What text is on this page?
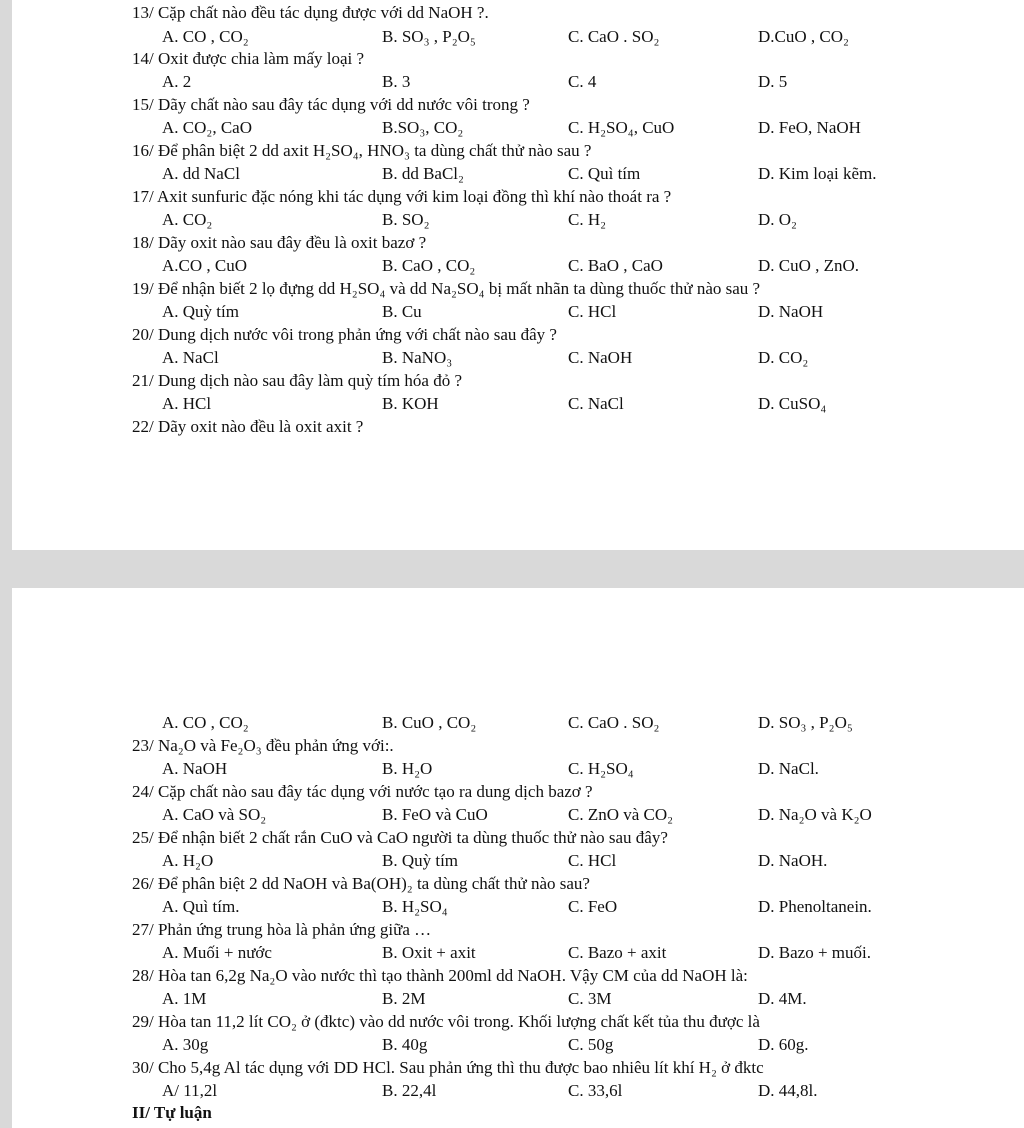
13/ Cặp chất nào đều tác dụng được với dd NaOH ?.
A. CO , CO₂	B. SO₃ , P₂O₅	C. CaO . SO₂	D.CuO , CO₂
14/ Oxit được chia làm mấy loại ?
A. 2	B. 3	C. 4	D. 5
15/ Dãy chất nào sau đây tác dụng với dd nước vôi trong ?
A. CO₂, CaO	B.SO₃, CO₂	C. H₂SO₄, CuO	D. FeO, NaOH
16/ Để phân biệt 2 dd axit H₂SO₄, HNO₃ ta dùng chất thử nào sau ?
A. dd NaCl	B. dd BaCl₂	C. Quì tím	D. Kim loại kẽm.
17/ Axit sunfuric đặc nóng khi tác dụng với kim loại đồng thì khí nào thoát ra ?
A. CO₂	B. SO₂	C. H₂	D. O₂
18/ Dãy oxit nào sau đây đều là oxit bazơ ?
A.CO , CuO	B. CaO , CO₂	C. BaO , CaO	D. CuO , ZnO.
19/ Để nhận biết 2 lọ đựng dd H₂SO₄ và dd Na₂SO₄ bị mất nhãn ta dùng thuốc thử nào sau ?
A. Quỳ tím	B. Cu	C. HCl	D. NaOH
20/ Dung dịch nước vôi trong phản ứng với chất nào sau đây ?
A. NaCl	B. NaNO₃	C. NaOH	D. CO₂
21/ Dung dịch nào sau đây làm quỳ tím hóa đỏ ?
A. HCl	B. KOH	C. NaCl	D. CuSO₄
22/ Dãy oxit nào đều là oxit axit ?
A. CO , CO₂	B. CuO , CO₂	C. CaO . SO₂	D. SO₃ , P₂O₅
23/ Na₂O và Fe₂O₃ đều phản ứng với:.
A. NaOH	B. H₂O	C. H₂SO₄	D. NaCl.
24/ Cặp chất nào sau đây tác dụng với nước tạo ra dung dịch bazơ ?
A. CaO và SO₂	B. FeO và CuO	C. ZnO và CO₂	D. Na₂O và K₂O
25/ Để nhận biết 2 chất rắn CuO và CaO người ta dùng thuốc thử nào sau đây?
A. H₂O	B. Quỳ tím	C. HCl	D. NaOH.
26/ Để phân biệt 2 dd NaOH và Ba(OH)₂ ta dùng chất thử nào sau?
A. Quì tím.	B. H₂SO₄	C. FeO	D. Phenoltanein.
27/ Phản ứng trung hòa là phản ứng giữa …
A. Muối + nước	B. Oxit + axit	C. Bazo + axit	D. Bazo + muối.
28/ Hòa tan 6,2g Na₂O vào nước thì tạo thành 200ml dd NaOH. Vậy CM của dd NaOH là:
A. 1M	B. 2M	C. 3M	D. 4M.
29/ Hòa tan 11,2 lít CO₂ ở (đktc) vào dd nước vôi trong. Khối lượng chất kết tủa thu được là
A. 30g	B. 40g	C. 50g	D. 60g.
30/ Cho 5,4g Al tác dụng với DD HCl. Sau phản ứng thì thu được bao nhiêu lít khí H₂ ở đktc
A/ 11,2l	B. 22,4l	C. 33,6l	D. 44,8l.
II/ Tự luận
